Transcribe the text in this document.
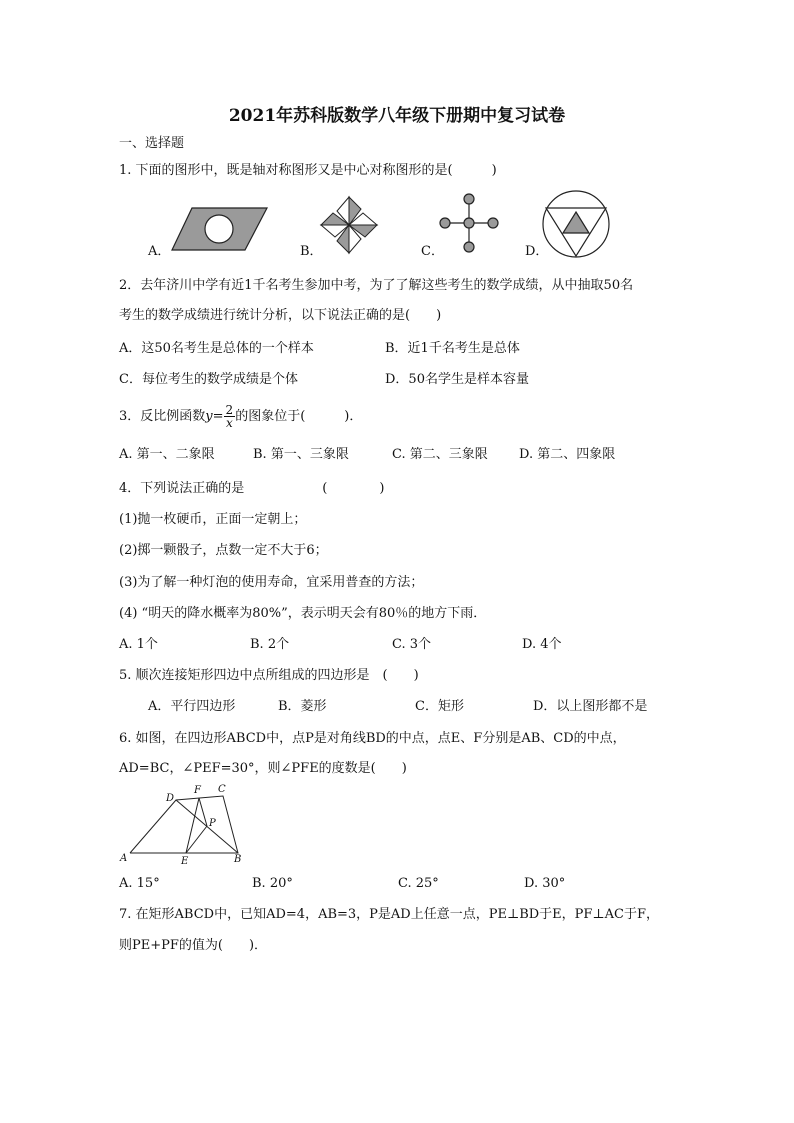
2021年苏科版数学八年级下册期中复习试卷
一、选择题
1. 下面的图形中，既是轴对称图形又是中心对称图形的是(　　　)
A．	B．	C．	D．
2．去年济川中学有近1千名考生参加中考，为了了解这些考生的数学成绩，从中抽取50名
考生的数学成绩进行统计分析，以下说法正确的是(　　)
A．这50名考生是总体的一个样本	B．近1千名考生是总体
C．每位考生的数学成绩是个体	D．50名学生是样本容量
3．反比例函数$y= \frac{2}{x}$ 的图象位于(　　　)．
A. 第一、二象限	B. 第一、三象限	C. 第二、三象限 D. 第二、四象限
4．下列说法正确的是　　　　　　(　　　　)
(1)抛一枚硬币，正面一定朝上；
(2)掷一颗骰子，点数一定不大于6；
(3)为了解一种灯泡的使用寿命，宜采用普查的方法；
(4) “明天的降水概率为80%”，表示明天会有80％的地方下雨．
A. 1个	B. 2个	C. 3个	D. 4个
5. 顺次连接矩形四边中点所组成的四边形是　(　　)
A．平行四边形	B．菱形	C．矩形	D．以上图形都不是
6. 如图，在四边形ABCD中，点P是对角线BD的中点，点E、F分别是AB、CD的中点，
AD=BC，∠PEF=30°，则∠PFE的度数是(　　)
D
F C
P
A	E	B
A. 15°	B. 20°	C. 25°	D. 30°
7. 在矩形ABCD中，已知AD=4，AB=3，P是AD上任意一点，PE⊥BD于E，PF⊥AC于F，
则PE+PF的值为(　　)．
